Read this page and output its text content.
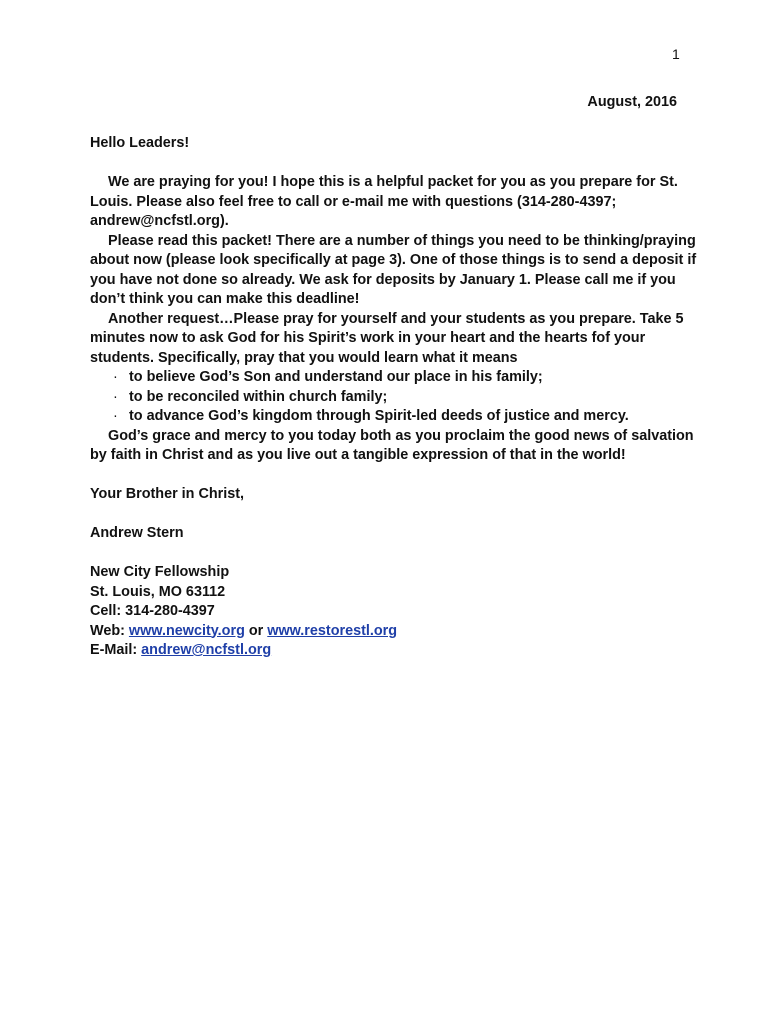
1
August, 2016

Hello Leaders!

We are praying for you! I hope this is a helpful packet for you as you prepare for St. Louis. Please also feel free to call or e-mail me with questions (314-280-4397; andrew@ncfstl.org).

Please read this packet! There are a number of things you need to be thinking/praying about now (please look specifically at page 3). One of those things is to send a deposit if you have not done so already. We ask for deposits by January 1. Please call me if you don’t think you can make this deadline!

Another request…Please pray for yourself and your students as you prepare. Take 5 minutes now to ask God for his Spirit’s work in your heart and the hearts fof your students. Specifically, pray that you would learn what it means

· to believe God’s Son and understand our place in his family;
· to be reconciled within church family;
· to advance God’s kingdom through Spirit-led deeds of justice and mercy.

God’s grace and mercy to you today both as you proclaim the good news of salvation by faith in Christ and as you live out a tangible expression of that in the world!

Your Brother in Christ,

Andrew Stern

New City Fellowship

St. Louis, MO 63112

Cell: 314-280-4397

Web: www.newcity.org or www.restorestl.org

E-Mail: andrew@ncfstl.org
